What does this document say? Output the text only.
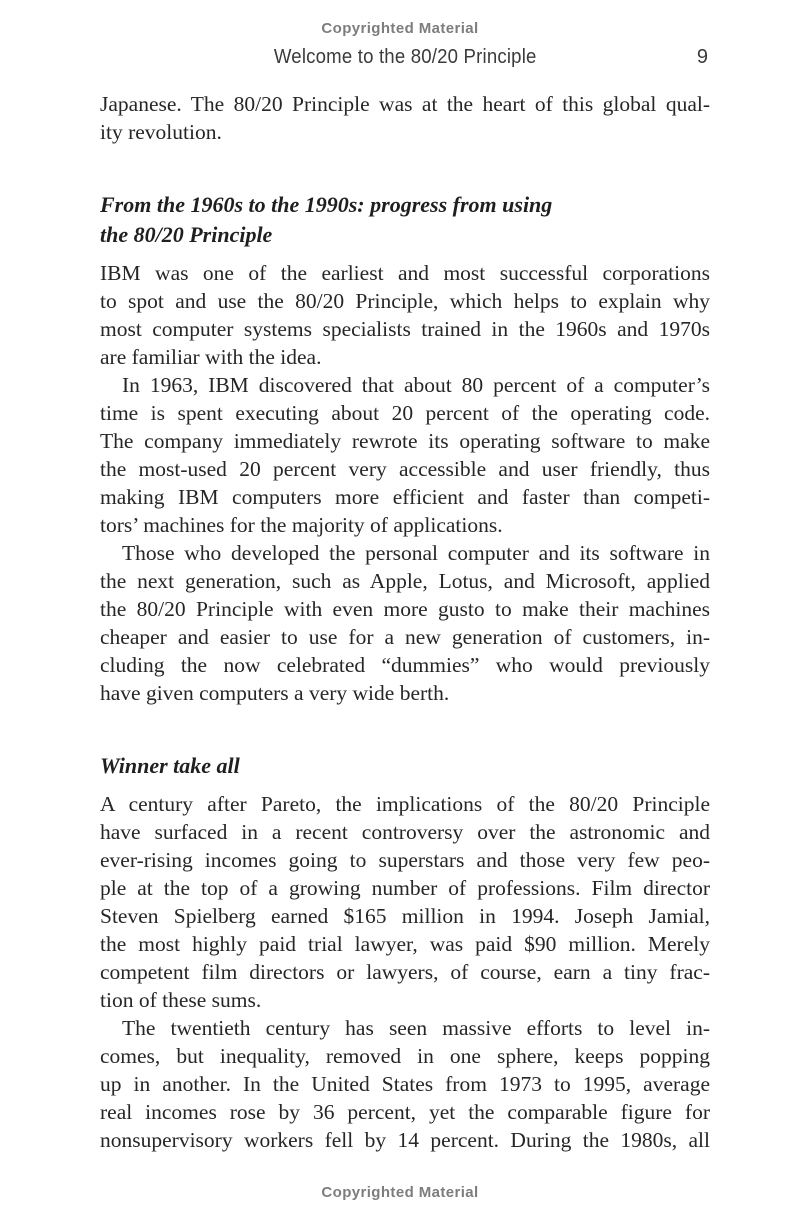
Copyrighted Material
Welcome to the 80/20 Principle	9
Japanese. The 80/20 Principle was at the heart of this global qual-
ity revolution.
From the 1960s to the 1990s: progress from using
the 80/20 Principle
IBM was one of the earliest and most successful corporations
to spot and use the 80/20 Principle, which helps to explain why
most computer systems specialists trained in the 1960s and 1970s
are familiar with the idea.
In 1963, IBM discovered that about 80 percent of a computer’s
time is spent executing about 20 percent of the operating code.
The company immediately rewrote its operating software to make
the most-used 20 percent very accessible and user friendly, thus
making IBM computers more efficient and faster than competi-
tors’ machines for the majority of applications.
Those who developed the personal computer and its software in
the next generation, such as Apple, Lotus, and Microsoft, applied
the 80/20 Principle with even more gusto to make their machines
cheaper and easier to use for a new generation of customers, in-
cluding the now celebrated “dummies” who would previously
have given computers a very wide berth.
Winner take all
A century after Pareto, the implications of the 80/20 Principle
have surfaced in a recent controversy over the astronomic and
ever-rising incomes going to superstars and those very few peo-
ple at the top of a growing number of professions. Film director
Steven Spielberg earned $165 million in 1994. Joseph Jamial,
the most highly paid trial lawyer, was paid $90 million. Merely
competent film directors or lawyers, of course, earn a tiny frac-
tion of these sums.
The twentieth century has seen massive efforts to level in-
comes, but inequality, removed in one sphere, keeps popping
up in another. In the United States from 1973 to 1995, average
real incomes rose by 36 percent, yet the comparable figure for
nonsupervisory workers fell by 14 percent. During the 1980s, all
Copyrighted Material
